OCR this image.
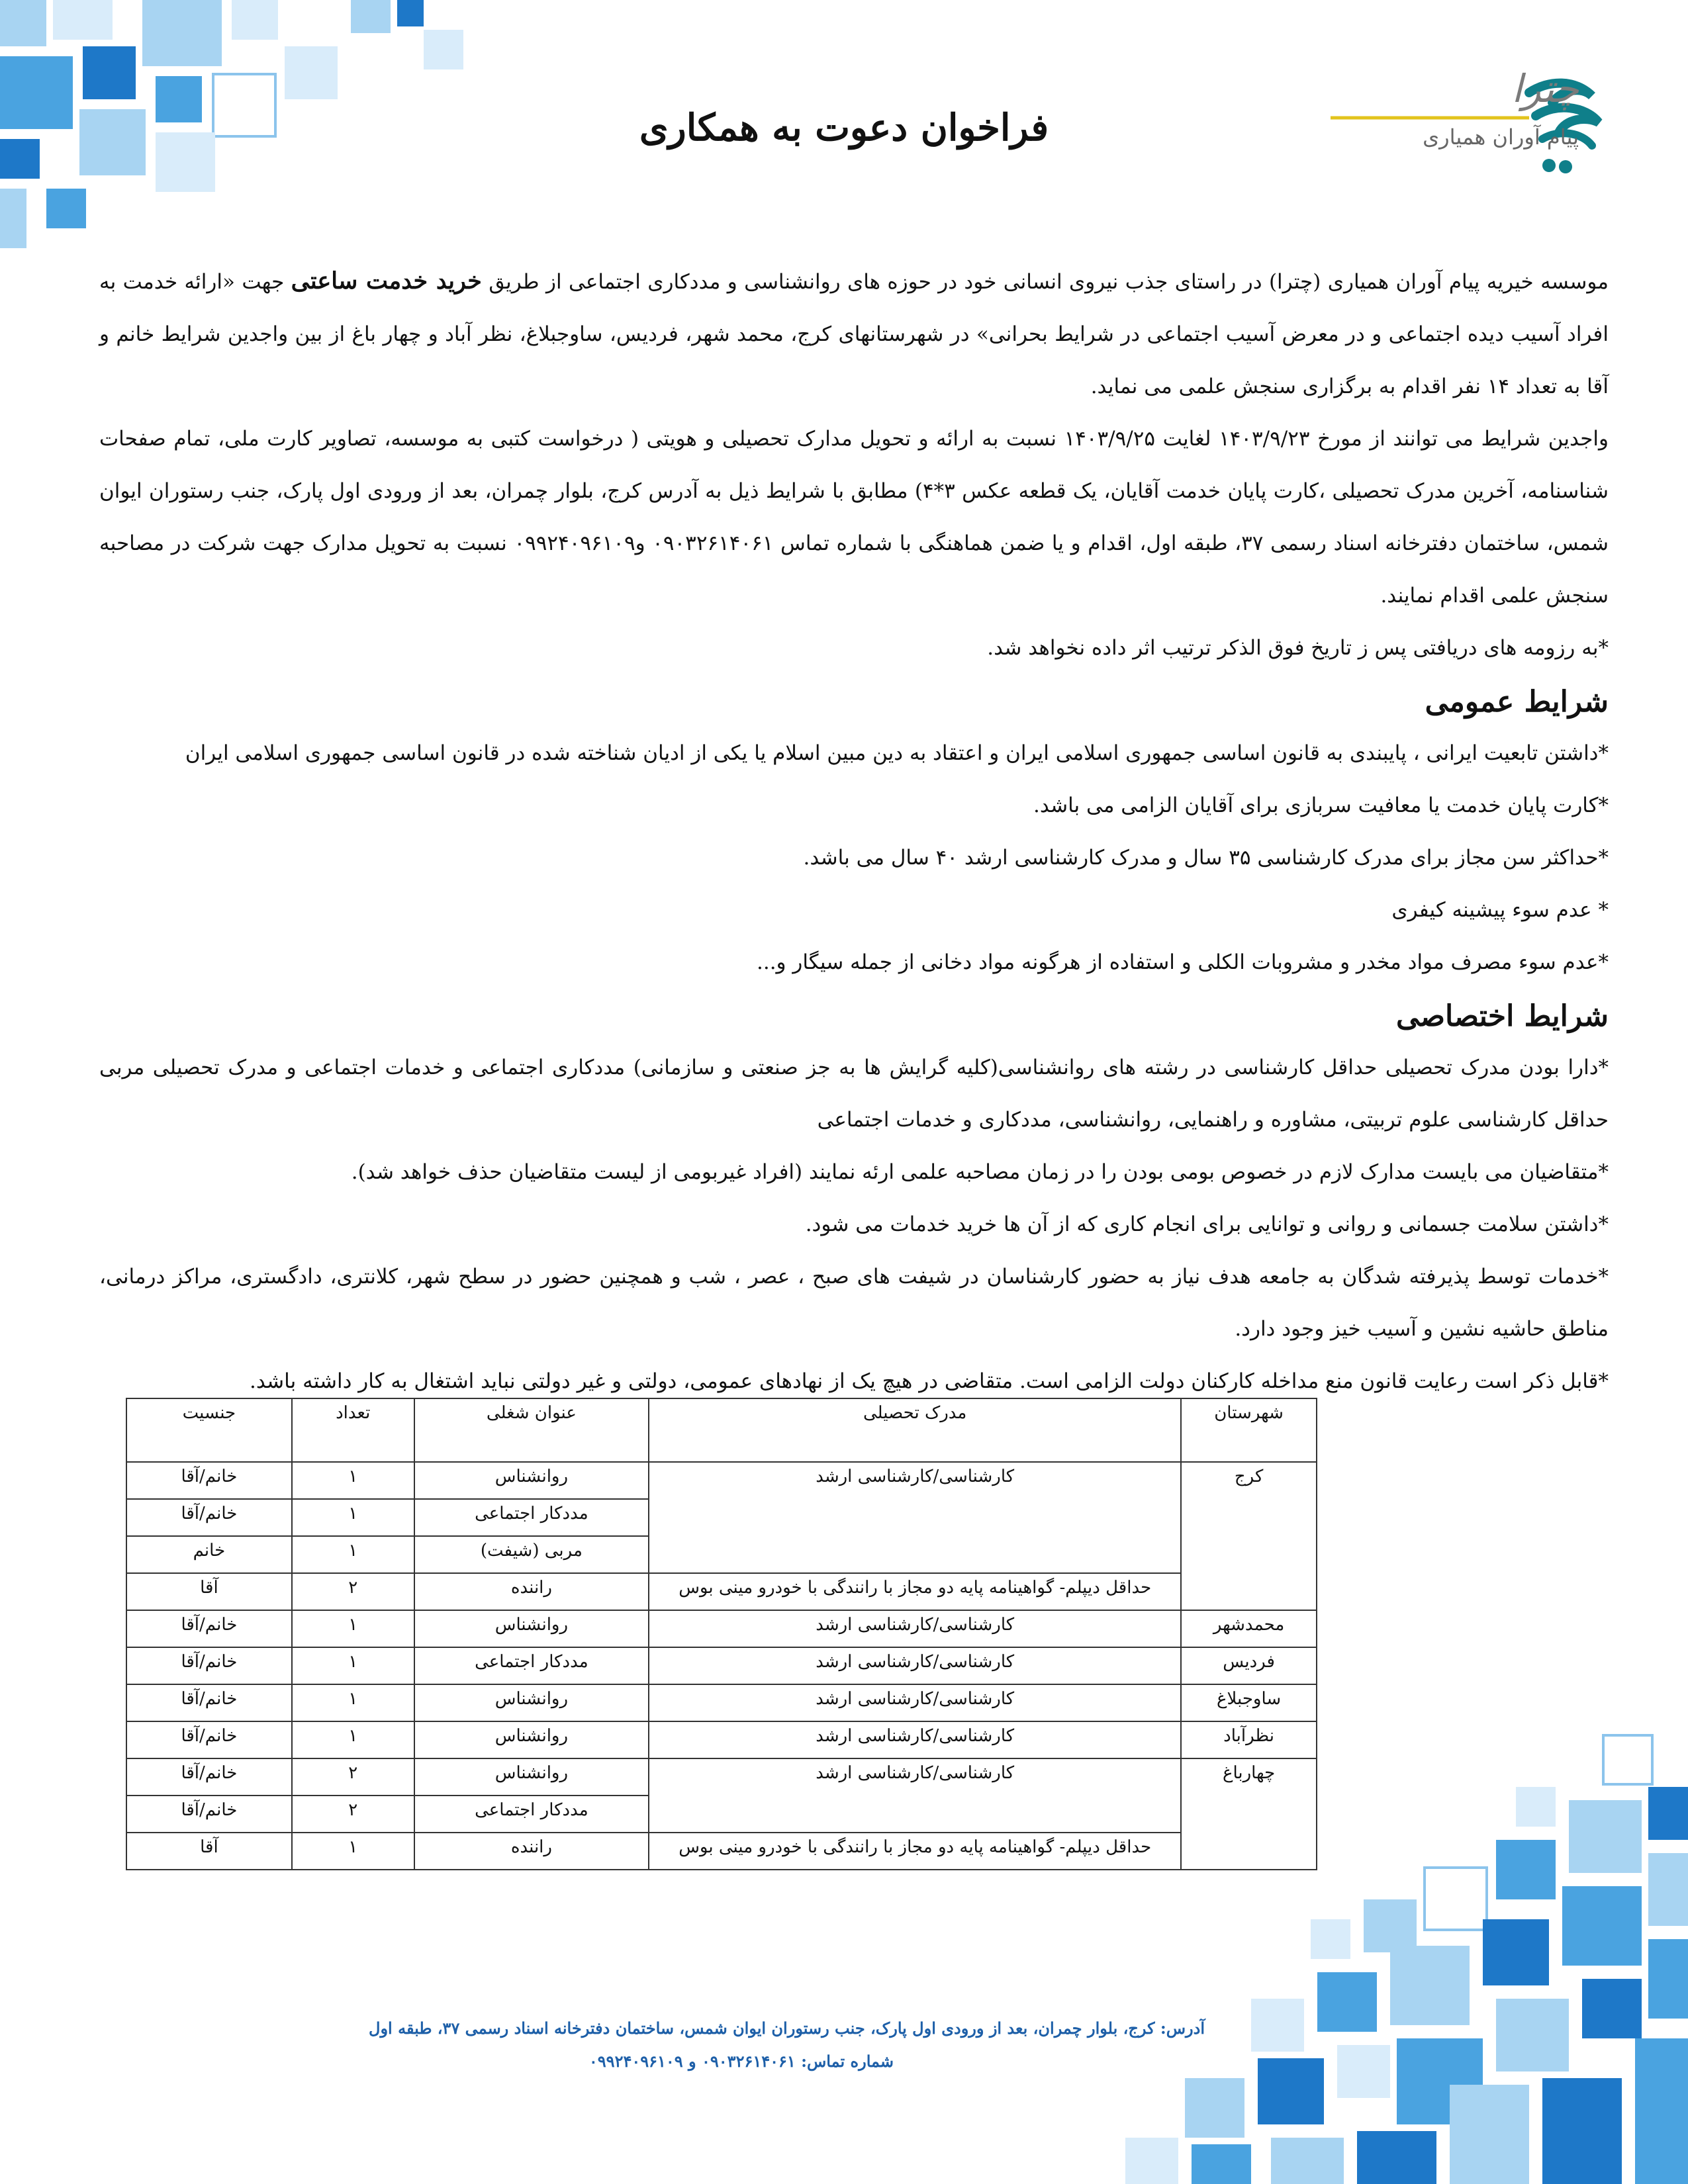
چترا
پیام آوران همیاری
فراخوان دعوت به همکاری

موسسه خیریه پیام آوران همیاری (چترا) در راستای جذب نیروی انسانی خود در حوزه های روانشناسی و مددکاری اجتماعی از طریق خرید خدمت ساعتی جهت «ارائه خدمت به افراد آسیب دیده اجتماعی و در معرض آسیب اجتماعی در شرایط بحرانی» در شهرستانهای کرج، محمد شهر، فردیس، ساوجبلاغ، نظر آباد و چهار باغ از بین واجدین شرایط خانم و آقا به تعداد ۱۴ نفر اقدام به برگزاری سنجش علمی می نماید.

واجدین شرایط می توانند از مورخ ۱۴۰۳/۹/۲۳ لغایت ۱۴۰۳/۹/۲۵ نسبت به ارائه و تحویل مدارک تحصیلی و هویتی ( درخواست کتبی به موسسه، تصاویر کارت ملی، تمام صفحات شناسنامه، آخرین مدرک تحصیلی ،کارت پایان خدمت آقایان، یک قطعه عکس ۳*۴) مطابق با شرایط ذیل به آدرس کرج، بلوار چمران، بعد از ورودی اول پارک، جنب رستوران ایوان شمس، ساختمان دفترخانه اسناد رسمی ۳۷، طبقه اول، اقدام و یا ضمن هماهنگی با شماره تماس ۰۹۰۳۲۶۱۴۰۶۱ و۰۹۹۲۴۰۹۶۱۰۹ نسبت به تحویل مدارک جهت شرکت در مصاحبه سنجش علمی اقدام نمایند.

*به رزومه های دریافتی پس ز تاریخ فوق الذکر ترتیب اثر داده نخواهد شد.

شرایط عمومی

*داشتن تابعیت ایرانی ، پایبندی به قانون اساسی جمهوری اسلامی ایران و اعتقاد به دین مبین اسلام یا یکی از ادیان شناخته شده در قانون اساسی جمهوری اسلامی ایران

*کارت پایان خدمت یا معافیت سربازی برای آقایان الزامی می باشد.

*حداکثر سن مجاز برای مدرک کارشناسی ۳۵ سال و مدرک کارشناسی ارشد ۴۰ سال می باشد.

* عدم سوء پیشینه کیفری

*عدم سوء مصرف مواد مخدر و مشروبات الکلی و استفاده از هرگونه مواد دخانی از جمله سیگار و...

شرایط اختصاصی

*دارا بودن مدرک تحصیلی حداقل کارشناسی در رشته های روانشناسی(کلیه گرایش ها به جز صنعتی و سازمانی) مددکاری اجتماعی و خدمات اجتماعی و مدرک تحصیلی مربی حداقل کارشناسی علوم تربیتی، مشاوره و راهنمایی، روانشناسی، مددکاری و خدمات اجتماعی

*متقاضیان می بایست مدارک لازم در خصوص بومی بودن را در زمان مصاحبه علمی ارئه نمایند (افراد غیربومی از لیست متقاضیان حذف خواهد شد).

*داشتن سلامت جسمانی و روانی و توانایی برای انجام کاری که از آن ها خرید خدمات می شود.

*خدمات توسط پذیرفته شدگان به جامعه هدف نیاز به حضور کارشناسان در شیفت های صبح ، عصر ، شب و همچنین حضور در سطح شهر، کلانتری، دادگستری، مراکز درمانی، مناطق حاشیه نشین و آسیب خیز وجود دارد.

*قابل ذکر است رعایت قانون منع مداخله کارکنان دولت الزامی است. متقاضی در هیچ یک از نهادهای عمومی، دولتی و غیر دولتی نباید اشتغال به کار داشته باشد.

شهرستان	مدرک تحصیلی	عنوان شغلی	تعداد	جنسیت
کرج	کارشناسی/کارشناسی ارشد	روانشناس	۱	خانم/آقا
		مددکار اجتماعی	۱	خانم/آقا
		مربی (شیفت)	۱	خانم
	حداقل دیپلم- گواهینامه پایه دو مجاز با رانندگی با خودرو مینی بوس	راننده	۲	آقا
محمدشهر	کارشناسی/کارشناسی ارشد	روانشناس	۱	خانم/آقا
فردیس	کارشناسی/کارشناسی ارشد	مددکار اجتماعی	۱	خانم/آقا
ساوجبلاغ	کارشناسی/کارشناسی ارشد	روانشناس	۱	خانم/آقا
نظرآباد	کارشناسی/کارشناسی ارشد	روانشناس	۱	خانم/آقا
چهارباغ	کارشناسی/کارشناسی ارشد	روانشناس	۲	خانم/آقا
		مددکار اجتماعی	۲	خانم/آقا
	حداقل دیپلم- گواهینامه پایه دو مجاز با رانندگی با خودرو مینی بوس	راننده	۱	آقا
آدرس: کرج، بلوار چمران، بعد از ورودی اول پارک، جنب رستوران ایوان شمس، ساختمان دفترخانه اسناد رسمی ۳۷، طبقه اول
شماره تماس: ۰۹۰۳۲۶۱۴۰۶۱ و ۰۹۹۲۴۰۹۶۱۰۹
